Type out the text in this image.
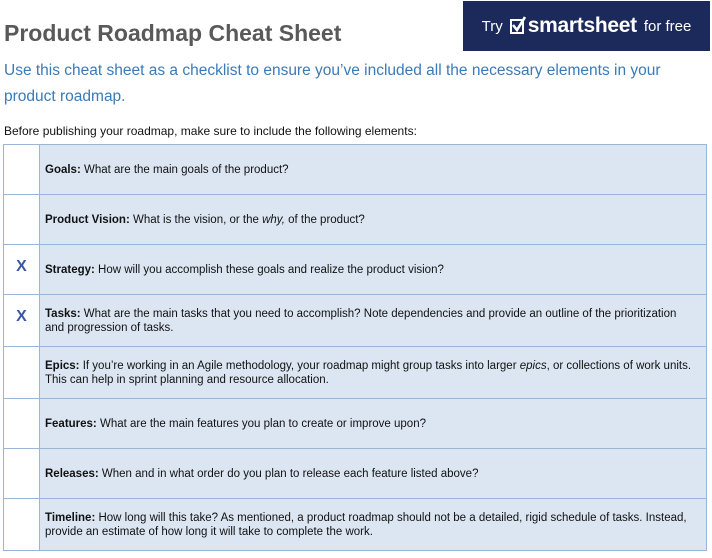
Product Roadmap Cheat Sheet	Try smartsheet for free
Use this cheat sheet as a checklist to ensure you’ve included all the necessary elements in your product roadmap.
Before publishing your roadmap, make sure to include the following elements:
	Goals: What are the main goals of the product?
	Product Vision: What is the vision, or the why, of the product?
X	Strategy: How will you accomplish these goals and realize the product vision?
X	Tasks: What are the main tasks that you need to accomplish? Note dependencies and provide an outline of the prioritization and progression of tasks.
	Epics: If you’re working in an Agile methodology, your roadmap might group tasks into larger epics, or collections of work units. This can help in sprint planning and resource allocation.
	Features: What are the main features you plan to create or improve upon?
	Releases: When and in what order do you plan to release each feature listed above?
	Timeline: How long will this take? As mentioned, a product roadmap should not be a detailed, rigid schedule of tasks. Instead, provide an estimate of how long it will take to complete the work.
